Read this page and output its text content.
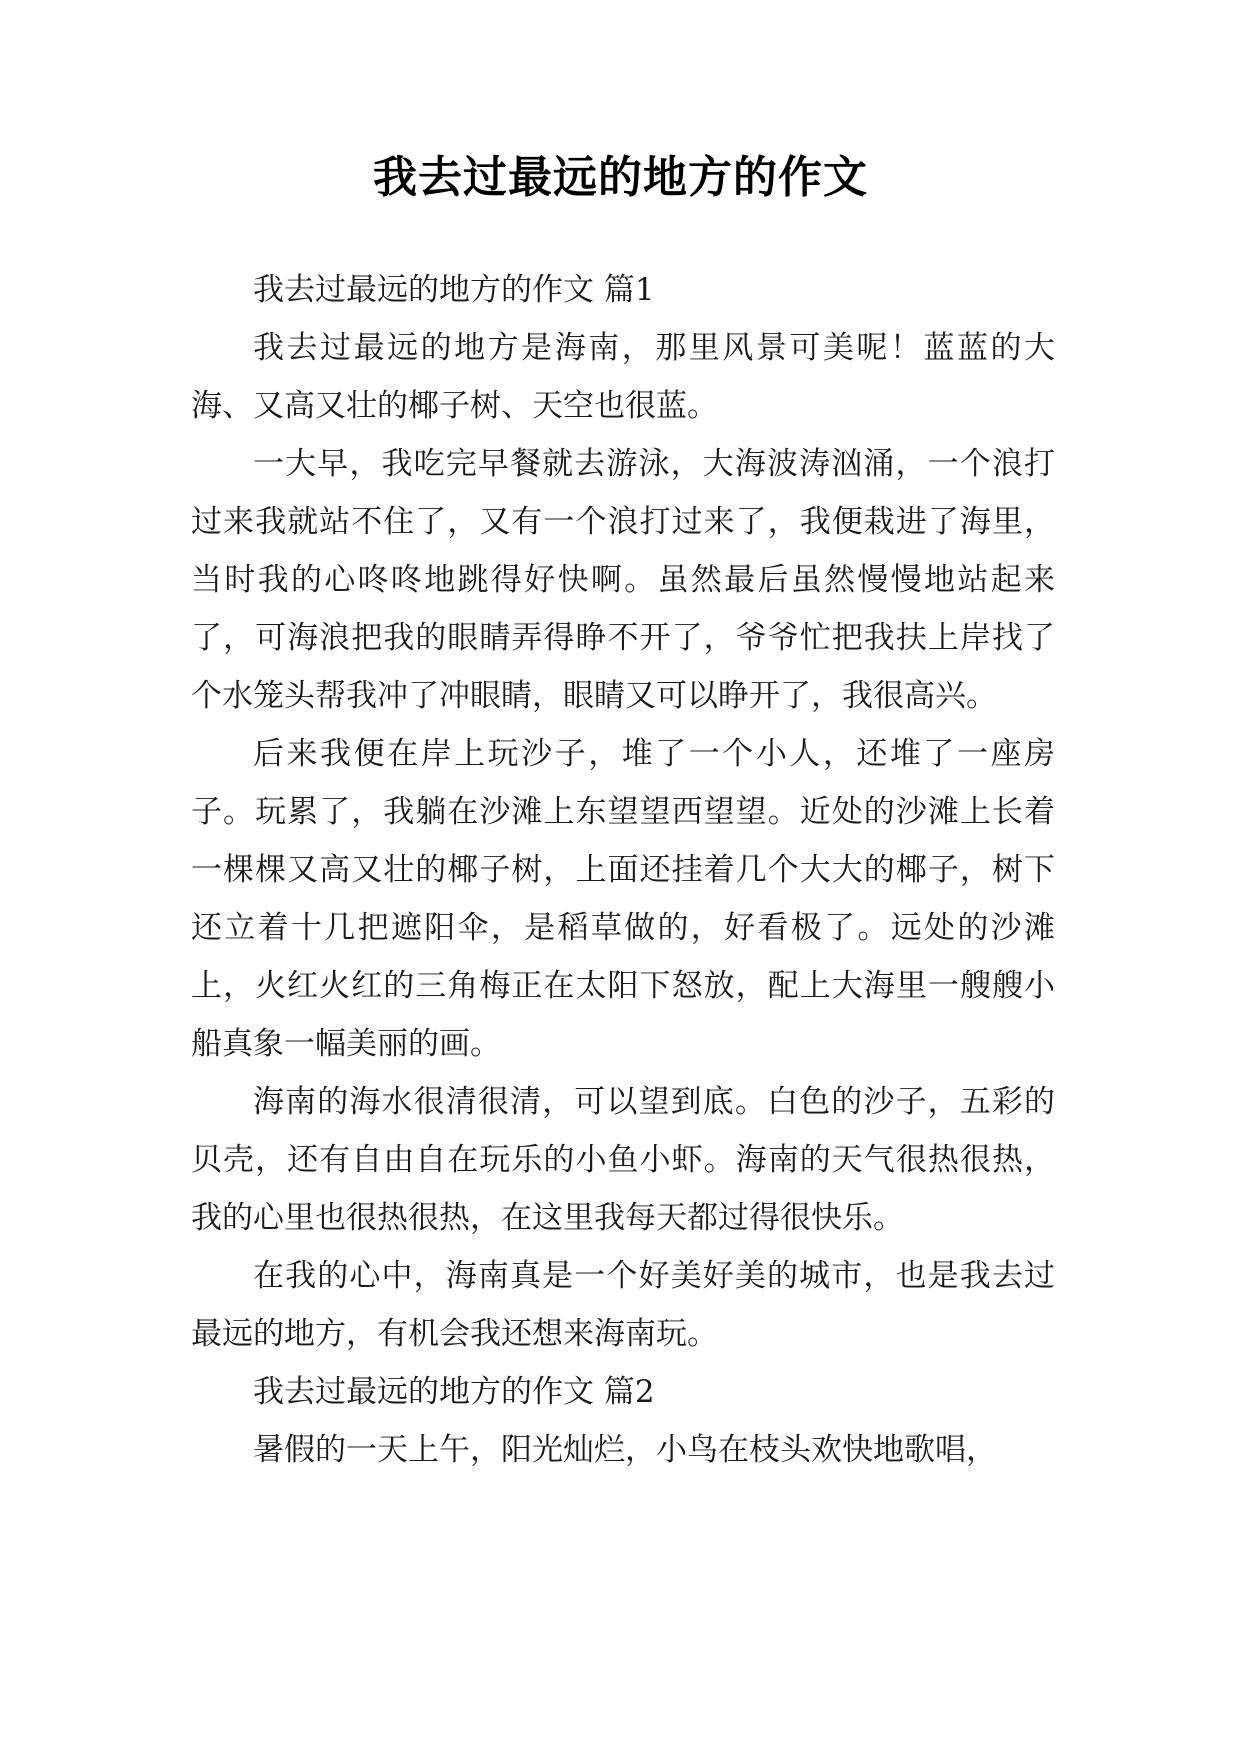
我去过最远的地方的作文

我去过最远的地方的作文 篇1

我去过最远的地方是海南，那里风景可美呢！蓝蓝的大海、又高又壮的椰子树、天空也很蓝。

一大早，我吃完早餐就去游泳，大海波涛汹涌，一个浪打过来我就站不住了，又有一个浪打过来了，我便栽进了海里，当时我的心咚咚地跳得好快啊。虽然最后虽然慢慢地站起来了，可海浪把我的眼睛弄得睁不开了，爷爷忙把我扶上岸找了个水笼头帮我冲了冲眼睛，眼睛又可以睁开了，我很高兴。

后来我便在岸上玩沙子，堆了一个小人，还堆了一座房子。玩累了，我躺在沙滩上东望望西望望。近处的沙滩上长着一棵棵又高又壮的椰子树，上面还挂着几个大大的椰子，树下还立着十几把遮阳伞，是稻草做的，好看极了。远处的沙滩上，火红火红的三角梅正在太阳下怒放，配上大海里一艘艘小船真象一幅美丽的画。

海南的海水很清很清，可以望到底。白色的沙子，五彩的贝壳，还有自由自在玩乐的小鱼小虾。海南的天气很热很热，我的心里也很热很热，在这里我每天都过得很快乐。

在我的心中，海南真是一个好美好美的城市，也是我去过最远的地方，有机会我还想来海南玩。

我去过最远的地方的作文 篇2

暑假的一天上午，阳光灿烂，小鸟在枝头欢快地歌唱，
